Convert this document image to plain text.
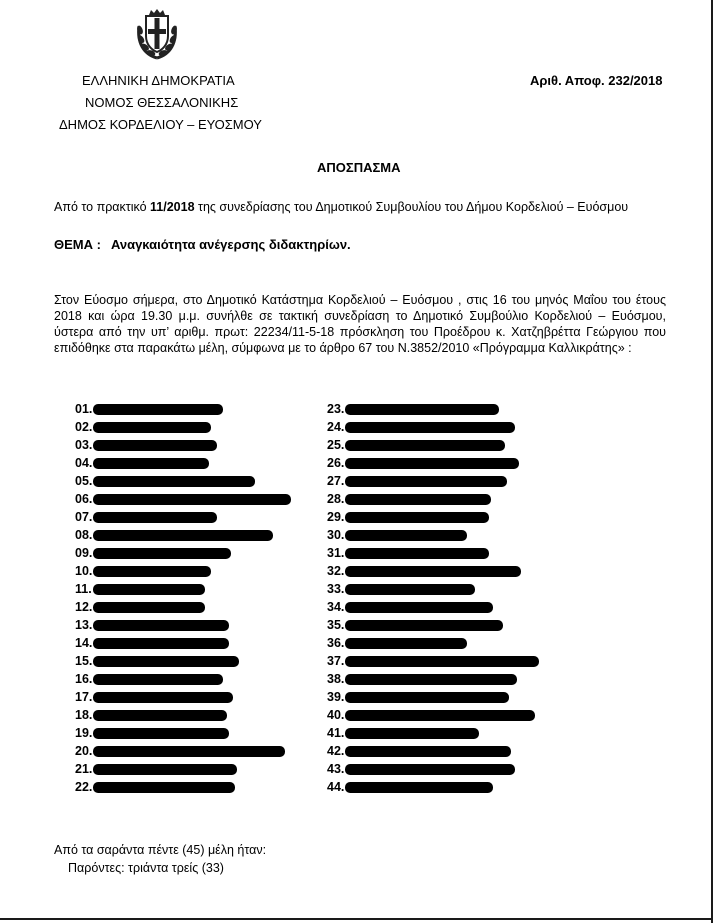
ΕΛΛΗΝΙΚΗ ΔΗΜΟΚΡΑΤΙΑ
ΝΟΜΟΣ ΘΕΣΣΑΛΟΝΙΚΗΣ
ΔΗΜΟΣ ΚΟΡΔΕΛΙΟΥ – ΕΥΟΣΜΟΥ
Αριθ. Αποφ. 232/2018
ΑΠΟΣΠΑΣΜΑ
Από το πρακτικό 11/2018 της συνεδρίασης του Δημοτικού Συμβουλίου του Δήμου Κορδελιού – Ευόσμου
ΘΕΜΑ : Αναγκαιότητα ανέγερσης διδακτηρίων.
Στον Εύοσμο σήμερα, στο Δημοτικό Κατάστημα Κορδελιού – Ευόσμου , στις 16 του μηνός Μαΐου του έτους 2018 και ώρα 19.30 μ.μ. συνήλθε σε τακτική συνεδρίαση το Δημοτικό Συμβούλιο Κορδελιού – Ευόσμου, ύστερα από την υπ’ αριθμ. πρωτ: 22234/11-5-18 πρόσκληση του Προέδρου κ. Χατζηβρέττα Γεώργιου που επιδόθηκε στα παρακάτω μέλη, σύμφωνα με το άρθρο 67 του Ν.3852/2010 «Πρόγραμμα Καλλικράτης» :
01.
02.
03.
04.
05.
06.
07.
08.
09.
10.
11.
12.
13.
14.
15.
16.
17.
18.
19.
20.
21.
22.
23.
24.
25.
26.
27.
28.
29.
30.
31.
32.
33.
34.
35.
36.
37.
38.
39.
40.
41.
42.
43.
44.
Από τα σαράντα πέντε (45) μέλη ήταν:
Παρόντες: τριάντα τρείς (33)
